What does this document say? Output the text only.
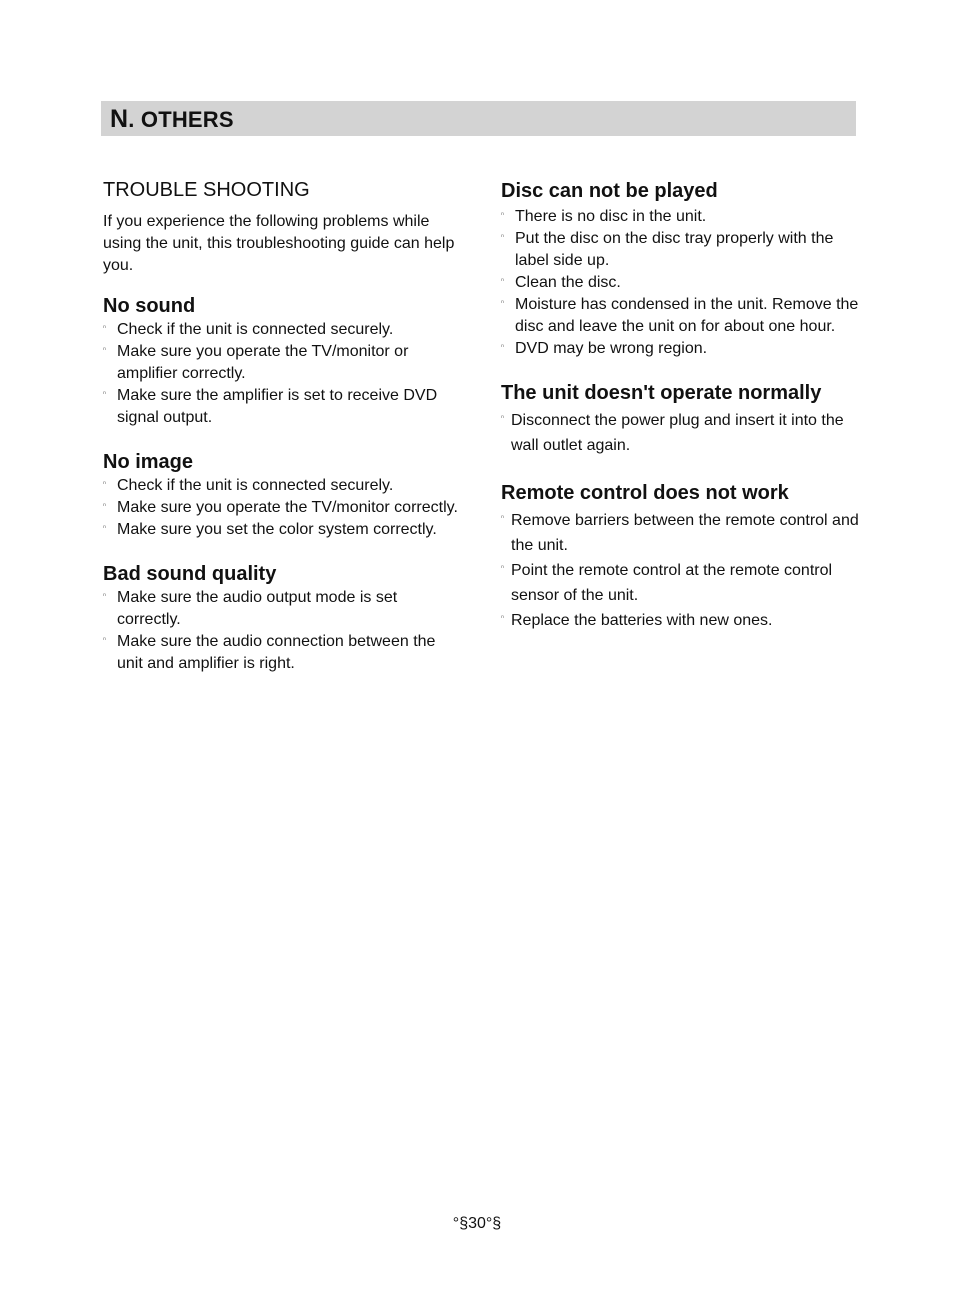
N. OTHERS
TROUBLE SHOOTING

If you experience the following problems while using the unit, this troubleshooting guide can help you.

No sound
ⁿ Check if the unit is connected securely.
ⁿ Make sure you operate the TV/monitor or amplifier correctly.
ⁿ Make sure the amplifier is set to receive DVD signal output.
No image
ⁿ Check if the unit is connected securely.
ⁿ Make sure you operate the TV/monitor correctly.
ⁿ Make sure you set the color system correctly.
Bad sound quality
ⁿ Make sure the audio output mode is set correctly.
ⁿ Make sure the audio connection between the unit and amplifier is right.
Disc can not be played
ⁿ There is no disc in the unit.
ⁿ Put the disc on the disc tray properly with the label side up.
ⁿ Clean the disc.
ⁿ Moisture has condensed in the unit. Remove the disc and leave the unit on for about one hour.
ⁿ DVD may be wrong region.
The unit doesn't operate normally
ⁿ Disconnect the power plug and insert it into the wall outlet again.
Remote control does not work
ⁿ Remove barriers between the remote control and the unit.
ⁿ Point the remote control at the remote control sensor of the unit.
ⁿ Replace the batteries with new ones.
°§30°§
